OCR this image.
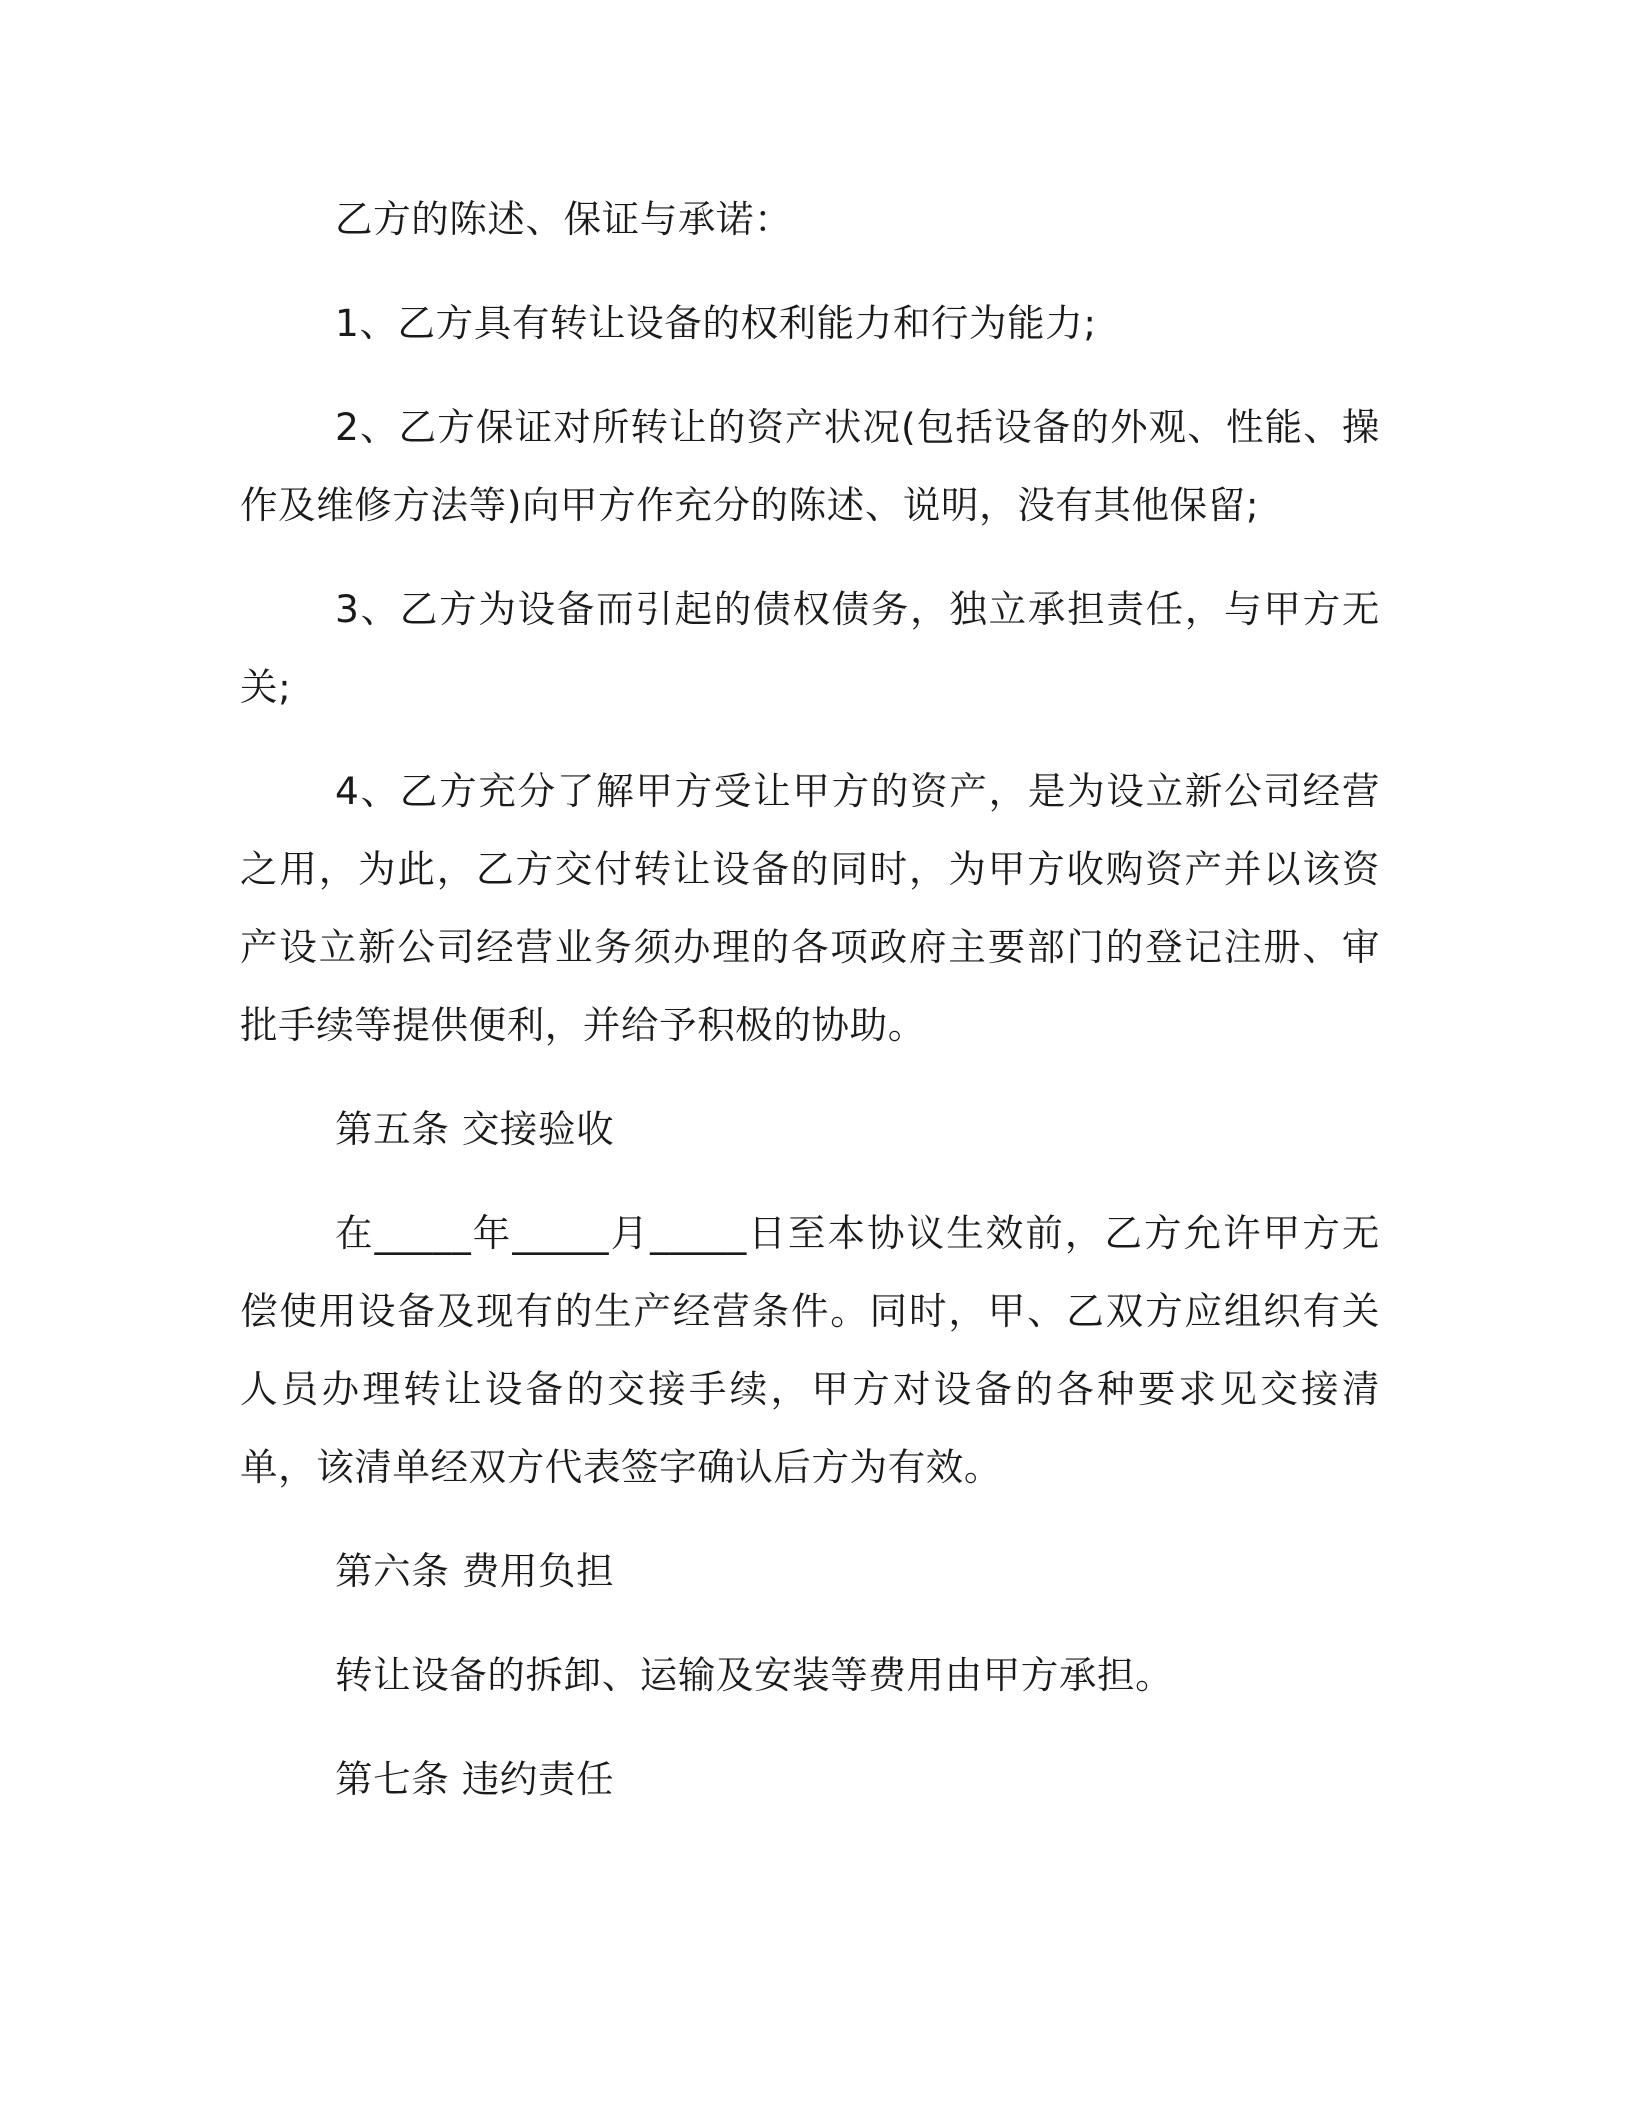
乙方的陈述、保证与承诺：

1、乙方具有转让设备的权利能力和行为能力;

2、乙方保证对所转让的资产状况(包括设备的外观、性能、操作及维修方法等)向甲方作充分的陈述、说明，没有其他保留;

3、乙方为设备而引起的债权债务，独立承担责任，与甲方无关;

4、乙方充分了解甲方受让甲方的资产，是为设立新公司经营之用，为此，乙方交付转让设备的同时，为甲方收购资产并以该资产设立新公司经营业务须办理的各项政府主要部门的登记注册、审批手续等提供便利，并给予积极的协助。

第五条 交接验收

在_____年_____月_____日至本协议生效前，乙方允许甲方无偿使用设备及现有的生产经营条件。同时，甲、乙双方应组织有关人员办理转让设备的交接手续，甲方对设备的各种要求见交接清单，该清单经双方代表签字确认后方为有效。

第六条 费用负担

转让设备的拆卸、运输及安装等费用由甲方承担。

第七条 违约责任
